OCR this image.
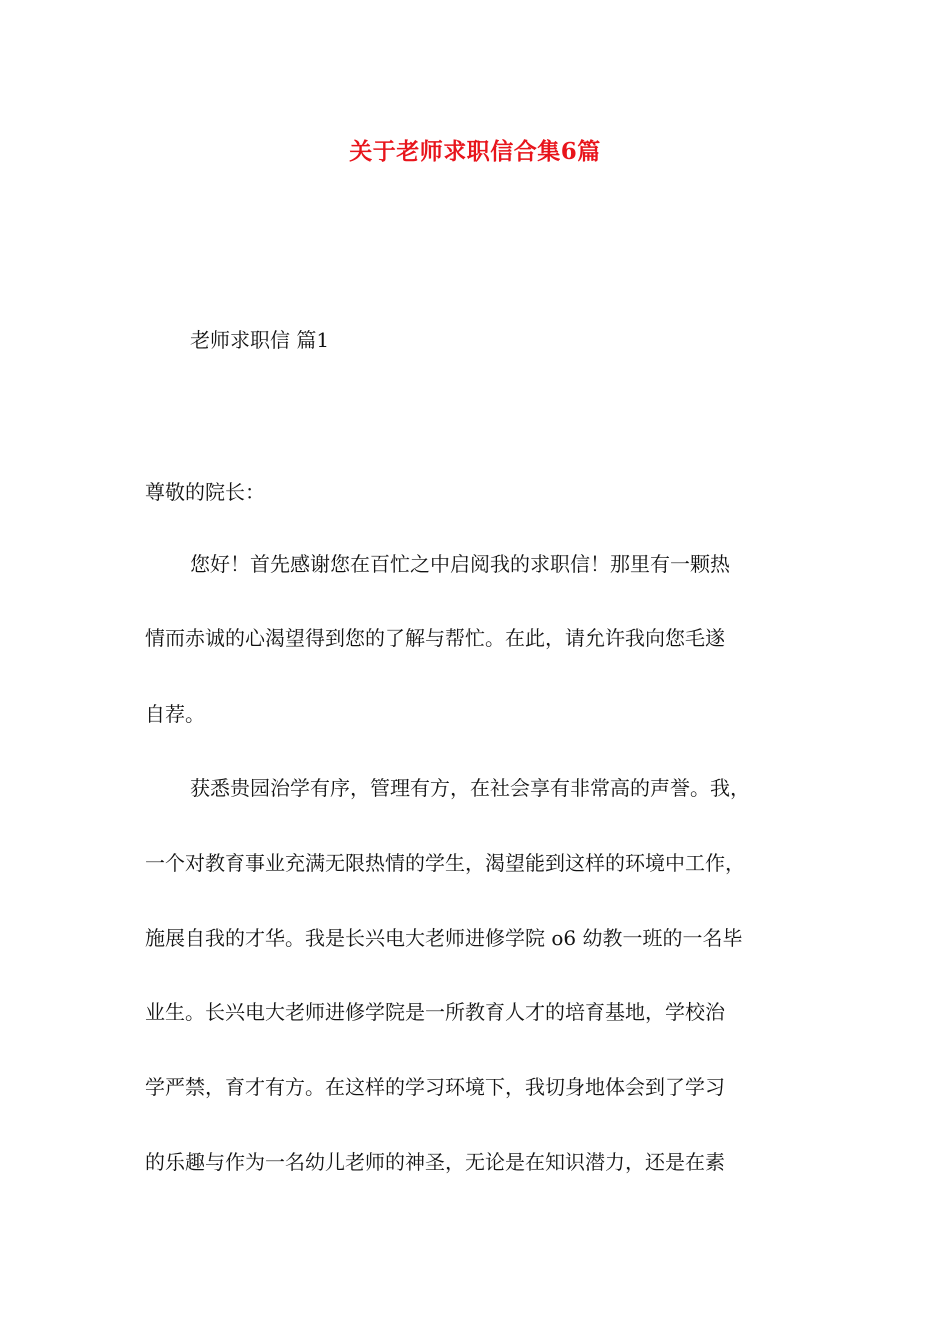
关于老师求职信合集6篇
老师求职信 篇1
尊敬的院长：
您好！首先感谢您在百忙之中启阅我的求职信！那里有一颗热
情而赤诚的心渴望得到您的了解与帮忙。在此，请允许我向您毛遂
自荐。
获悉贵园治学有序，管理有方，在社会享有非常高的声誉。我，
一个对教育事业充满无限热情的学生，渴望能到这样的环境中工作，
施展自我的才华。我是长兴电大老师进修学院 o6 幼教一班的一名毕
业生。长兴电大老师进修学院是一所教育人才的培育基地，学校治
学严禁，育才有方。在这样的学习环境下，我切身地体会到了学习
的乐趣与作为一名幼儿老师的神圣，无论是在知识潜力，还是在素
